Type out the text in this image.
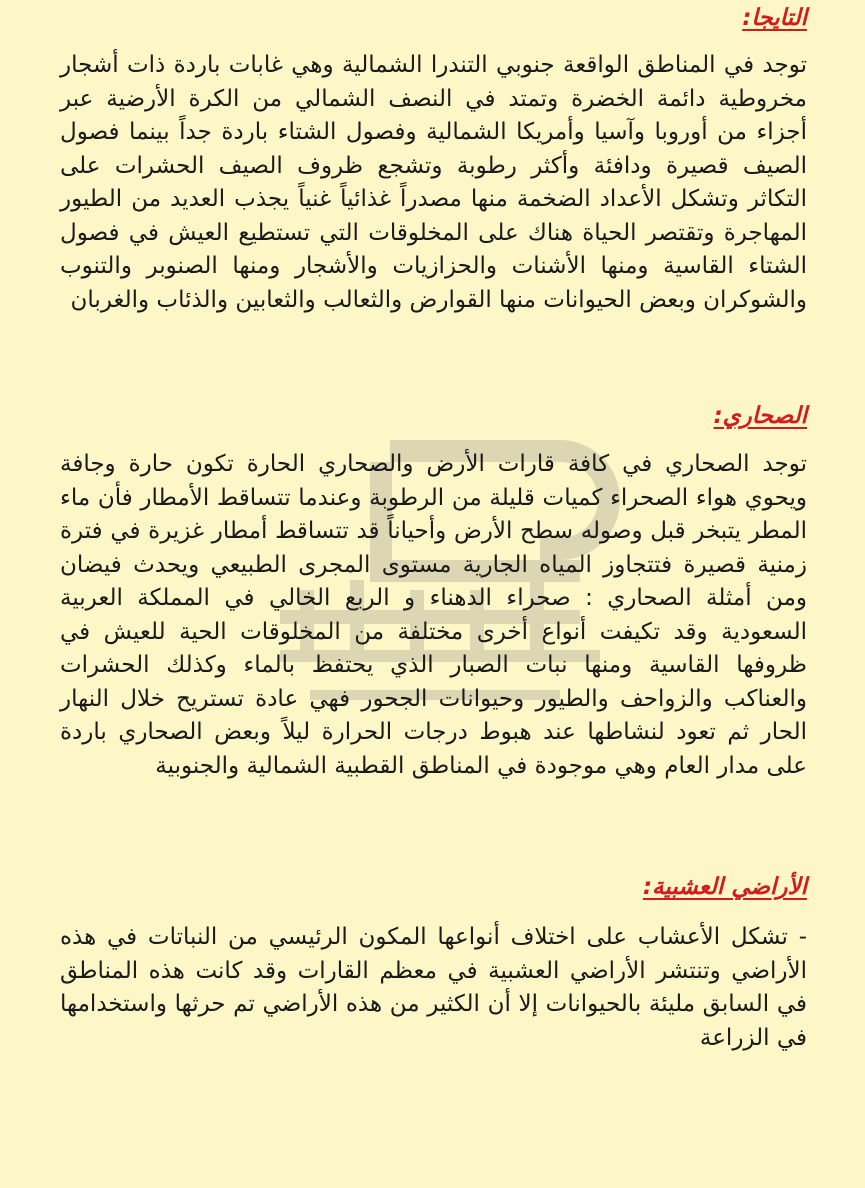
التايجا:

توجد في المناطق الواقعة جنوبي التندرا الشمالية وهي غابات باردة ذات أشجار مخروطية دائمة الخضرة وتمتد في النصف الشمالي من الكرة الأرضية عبر أجزاء من أوروبا وآسيا وأمريكا الشمالية وفصول الشتاء باردة جداً بينما فصول الصيف قصيرة ودافئة وأكثر رطوبة وتشجع ظروف الصيف الحشرات على التكاثر وتشكل الأعداد الضخمة منها مصدراً غذائياً غنياً يجذب العديد من الطيور المهاجرة وتقتصر الحياة هناك على المخلوقات التي تستطيع العيش في فصول الشتاء القاسية ومنها الأشنات والحزازيات والأشجار ومنها الصنوبر والتنوب والشوكران وبعض الحيوانات منها القوارض والثعالب والثعابين والذئاب والغربان

الصحاري:

توجد الصحاري في كافة قارات الأرض والصحاري الحارة تكون حارة وجافة ويحوي هواء الصحراء كميات قليلة من الرطوبة وعندما تتساقط الأمطار فأن ماء المطر يتبخر قبل وصوله سطح الأرض وأحياناً قد تتساقط أمطار غزيرة في فترة زمنية قصيرة فتتجاوز المياه الجارية مستوى المجرى الطبيعي ويحدث فيضان ومن أمثلة الصحاري : صحراء الدهناء و الربع الخالي في المملكة العربية السعودية وقد تكيفت أنواع أخرى مختلفة من المخلوقات الحية للعيش في ظروفها القاسية ومنها نبات الصبار الذي يحتفظ بالماء وكذلك الحشرات والعناكب والزواحف والطيور وحيوانات الجحور فهي عادة تستريح خلال النهار الحار ثم تعود لنشاطها عند هبوط درجات الحرارة ليلاً وبعض الصحاري باردة على مدار العام وهي موجودة في المناطق القطبية الشمالية والجنوبية

الأراضي العشبية:

- تشكل الأعشاب على اختلاف أنواعها المكون الرئيسي من النباتات في هذه الأراضي وتنتشر الأراضي العشبية في معظم القارات وقد كانت هذه المناطق في السابق مليئة بالحيوانات إلا أن الكثير من هذه الأراضي تم حرثها واستخدامها في الزراعة
